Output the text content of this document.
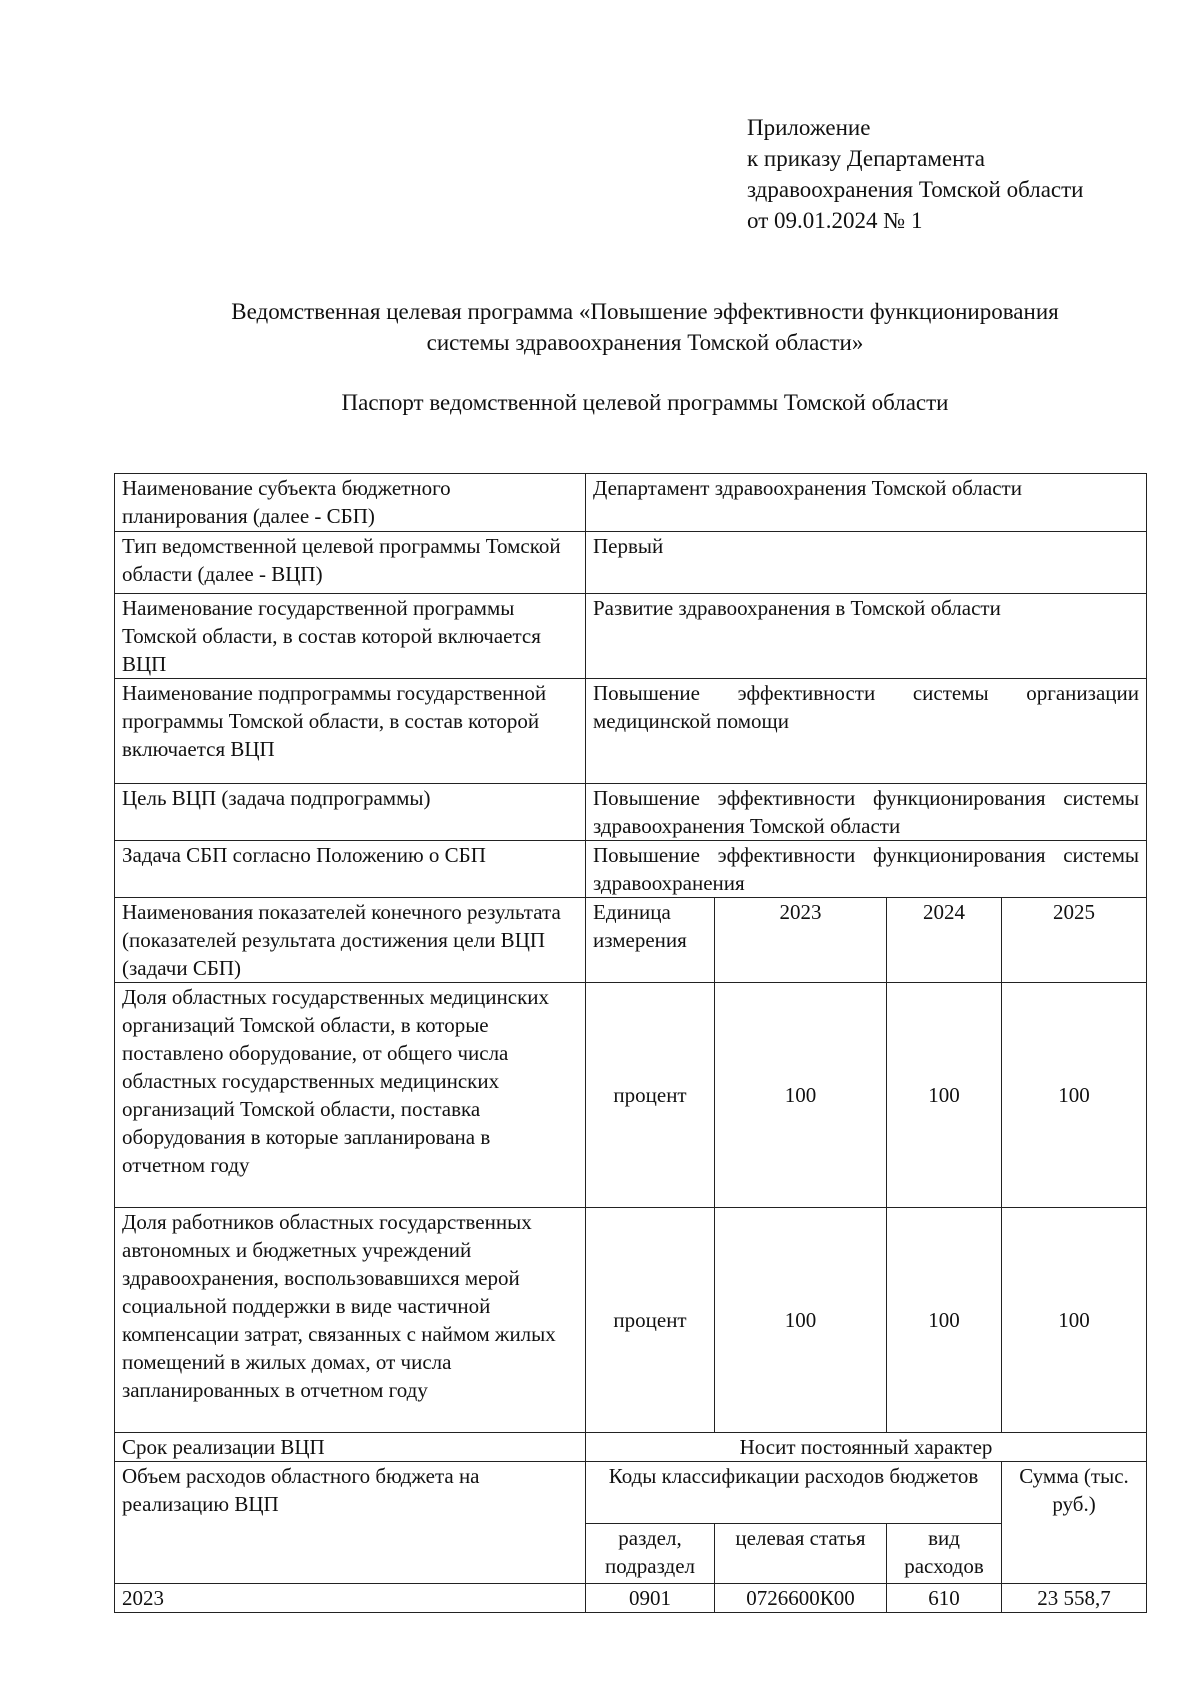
Приложение
к приказу Департамента
здравоохранения Томской области
от 09.01.2024 № 1
Ведомственная целевая программа «Повышение эффективности функционирования
системы здравоохранения Томской области»
Паспорт ведомственной целевой программы Томской области
Наименование субъекта бюджетного планирования (далее - СБП)	Департамент здравоохранения Томской области			
Тип ведомственной целевой программы Томской области (далее - ВЦП)	Первый			
Наименование государственной программы Томской области, в состав которой включается ВЦП	Развитие здравоохранения в Томской области			
Наименование подпрограммы государственной программы Томской области, в состав которой включается ВЦП	Повышение эффективности системы организации медицинской помощи			
Цель ВЦП (задача подпрограммы)	Повышение эффективности функционирования системы здравоохранения Томской области			
Задача СБП согласно Положению о СБП	Повышение эффективности функционирования системы здравоохранения			
Наименования показателей конечного результата (показателей результата достижения цели ВЦП (задачи СБП)	Единица измерения	2023	2024	2025
Доля областных государственных медицинских организаций Томской области, в которые поставлено оборудование, от общего числа областных государственных медицинских организаций Томской области, поставка оборудования в которые запланирована в отчетном году	процент	100	100	100
Доля работников областных государственных автономных и бюджетных учреждений здравоохранения, воспользовавшихся мерой социальной поддержки в виде частичной компенсации затрат, связанных с наймом жилых помещений в жилых домах, от числа запланированных в отчетном году	процент	100	100	100
Срок реализации ВЦП	Носит постоянный характер			
Объем расходов областного бюджета на реализацию ВЦП	Коды классификации расходов бюджетов			Сумма (тыс. руб.)
	раздел, подраздел	целевая статья	вид расходов	
2023	0901	0726600К00	610	23 558,7
